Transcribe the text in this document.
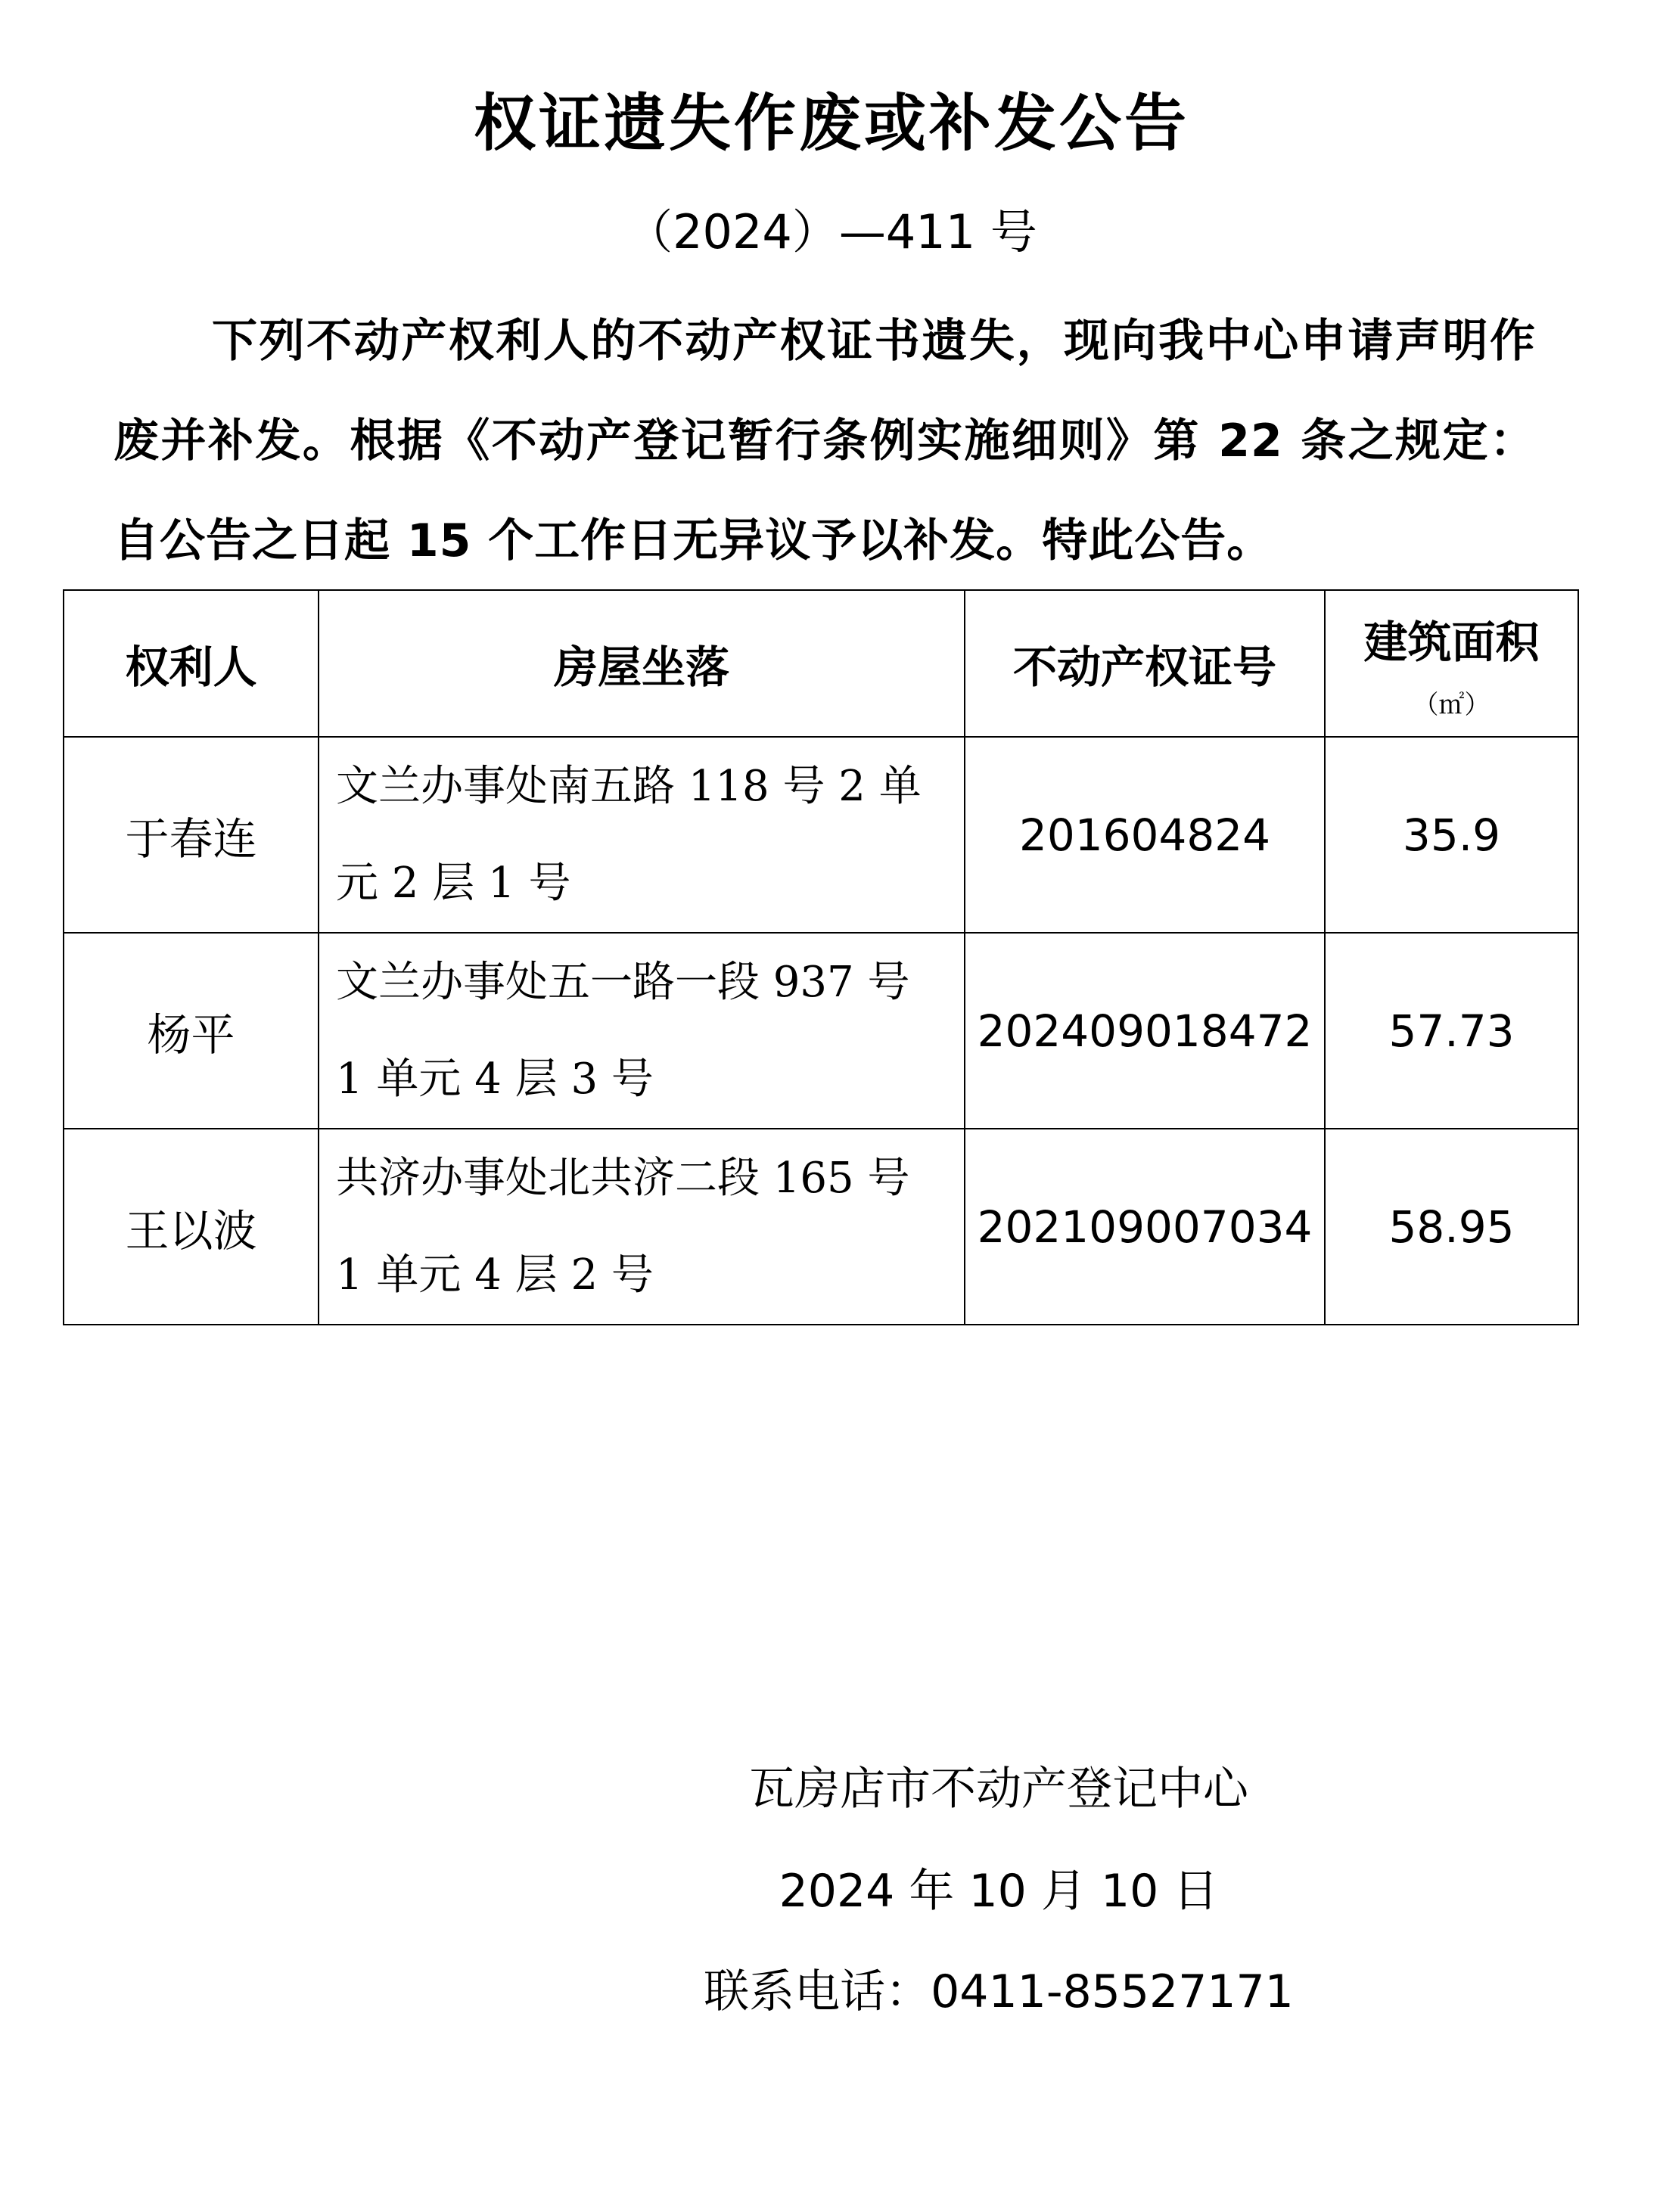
权证遗失作废或补发公告
（2024）—411 号
下列不动产权利人的不动产权证书遗失，现向我中心申请声明作废并补发。根据《不动产登记暂行条例实施细则》第 22 条之规定：自公告之日起 15 个工作日无异议予以补发。特此公告。
权利人	房屋坐落	不动产权证号	建筑面积
（㎡）

于春连	文兰办事处南五路 118 号 2 单元 2 层 1 号	201604824	35.9
杨平	文兰办事处五一路一段 937 号 1 单元 4 层 3 号	202409018472	57.73
王以波	共济办事处北共济二段 165 号 1 单元 4 层 2 号	202109007034	58.95
瓦房店市不动产登记中心
2024 年 10 月 10 日
联系电话：0411-85527171
